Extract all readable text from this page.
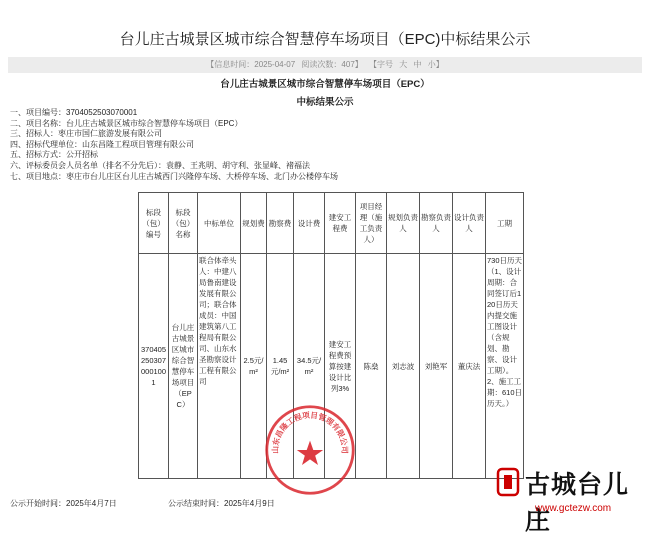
台儿庄古城景区城市综合智慧停车场项目（EPC)中标结果公示
【信息时间：2025-04-07 阅读次数：407】 【字号 大 中 小】
台儿庄古城景区城市综合智慧停车场项目（EPC）
中标结果公示
一、项目编号：3704052503070001
二、项目名称：台儿庄古城景区城市综合智慧停车场项目（EPC）
三、招标人：枣庄市国仁旅游发展有限公司
四、招标代理单位：山东昌隆工程项目管理有限公司
五、招标方式：公开招标
六、评标委员会人员名单（排名不分先后）：袁静、王兆明、胡守利、张显峰、褚福法
七、项目地点：枣庄市台儿庄区台儿庄古城西门兴隆停车场、大桥停车场、北门办公楼停车场
标段（包）编号	标段（包）名称	中标单位	规划费	勘察费	设计费	建安工程费	项目经理（施工负责人）	规划负责人	勘察负责人	设计负责人	工期
3704052503070001001	台儿庄古城景区城市综合智慧停车场项目（EPC）	联合体牵头人：中建八局鲁南建设发展有限公司；联合体成员：中国建筑第八工程局有限公司、山东水圣勘察设计工程有限公司	2.5元/m²	1.45元/m²	34.5元/m²	建安工程费预算按建设计比列3%	陈燊	刘志波	刘艳军	董庆法	730日历天（1、设计周期：合同签订后120日历天内提交施工图设计（含规划、勘察、设计工期）。2、施工工期：610日历天。）
山东昌隆工程项目管理有限公司
公示开始时间：2025年4月7日	公示结束时间：2025年4月9日
古城台儿庄
www.gctezw.com
